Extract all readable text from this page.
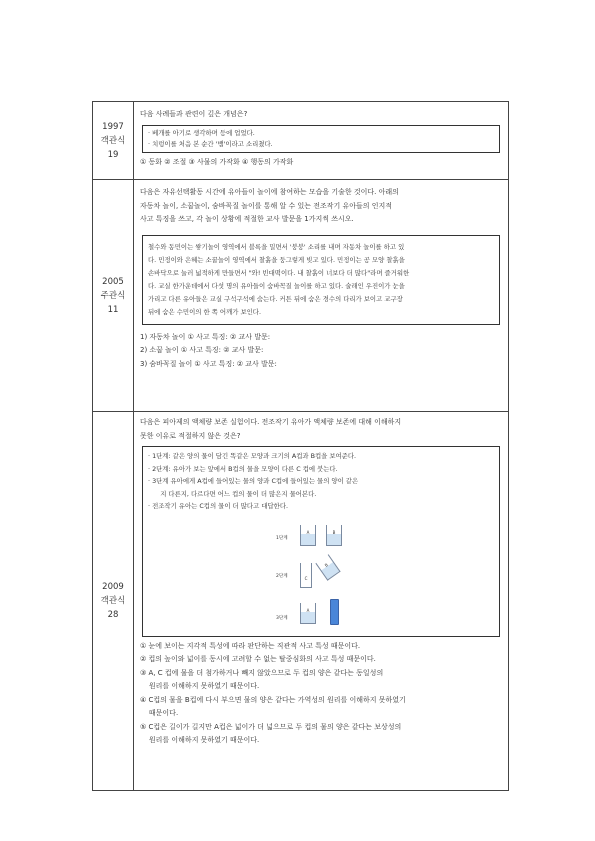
1997
객관식
19
다음 사례들과 관련이 깊은 개념은?
· 베개를 아기로 생각하며 등에 업었다.
· 치렁이를 처음 본 순간 '뱀'이라고 소리쳤다.
① 동화 ② 조절 ③ 사물의 가작화 ④ 행동의 가작화
2005
주관식
11
다음은 자유선택활동 시간에 유아들이 놀이에 참여하는 모습을 기술한 것이다. 아래의
자동차 놀이, 소꿉놀이, 숨바꼭질 놀이를 통해 알 수 있는 전조작기 유아들의 인지적
사고 특징을 쓰고, 각 놀이 상황에 적절한 교사 발문을 1가지씩 쓰시오.
철수와 동민이는 쌓기놀이 영역에서 블록을 밀면서 '붕붕' 소리를 내며 자동차 놀이를 하고 있
다. 민정이와 은혜는 소꿉놀이 영역에서 찰흙을 둥그렇게 빚고 있다. 민정이는 공 모양 찰흙을
손바닥으로 눌러 넓적하게 만들면서 "와! 빈대떡이다. 내 찰흙이 너보다 더 많다"라며 즐거워한
다. 교실 한가운데에서 다섯 명의 유아들이 숨바꼭질 놀이를 하고 있다. 술래인 우진이가 눈을
가리고 다른 유아들은 교실 구석구석에 숨는다. 커튼 뒤에 숨은 경수의 다리가 보이고 교구장
뒤에 숨은 수민이의 한 쪽 어깨가 보인다.
1) 자동차 놀이 ① 사고 특징: ② 교사 발문:
2) 소꿉 놀이 ① 사고 특징: ② 교사 발문:
3) 숨바꼭질 놀이 ① 사고 특징: ② 교사 발문:
2009
객관식
28
다음은 피아제의 액체량 보존 실험이다. 전조작기 유아가 액체량 보존에 대해 이해하지
못한 이유로 적절하지 않은 것은?
· 1단계: 같은 양의 물이 담긴 똑같은 모양과 크기의 A컵과 B컵을 보여준다.
· 2단계: 유아가 보는 앞에서 B컵의 물을 모양이 다른 C 컵에 붓는다.
· 3단계 유아에게 A컵에 들어있는 물의 양과 C컵에 들어있는 물의 양이 같은
지 다른지, 다르다면 어느 컵의 물이 더 많은지 물어본다.
· 전조작기 유아는 C컵의 물이 더 많다고 대답한다.
1단계
A	B
2단계	C
B
3단계
A
① 눈에 보이는 지각적 특성에 따라 판단하는 직관적 사고 특성 때문이다.
② 컵의 높이와 넓이를 동시에 고려할 수 없는 탈중심화의 사고 특성 때문이다.
③ A, C 컵에 물을 더 첨가하거나 빼지 않았으므로 두 컵의 양은 같다는 동일성의
원리를 이해하지 못하였기 때문이다.
④ C컵의 물을 B컵에 다시 부으면 물의 양은 같다는 가역성의 원리를 이해하지 못하였기
때문이다.
⑤ C컵은 길이가 길지만 A컵은 넓이가 더 넓으므로 두 컵의 물의 양은 같다는 보상성의
원리를 이해하지 못하였기 때문이다.
